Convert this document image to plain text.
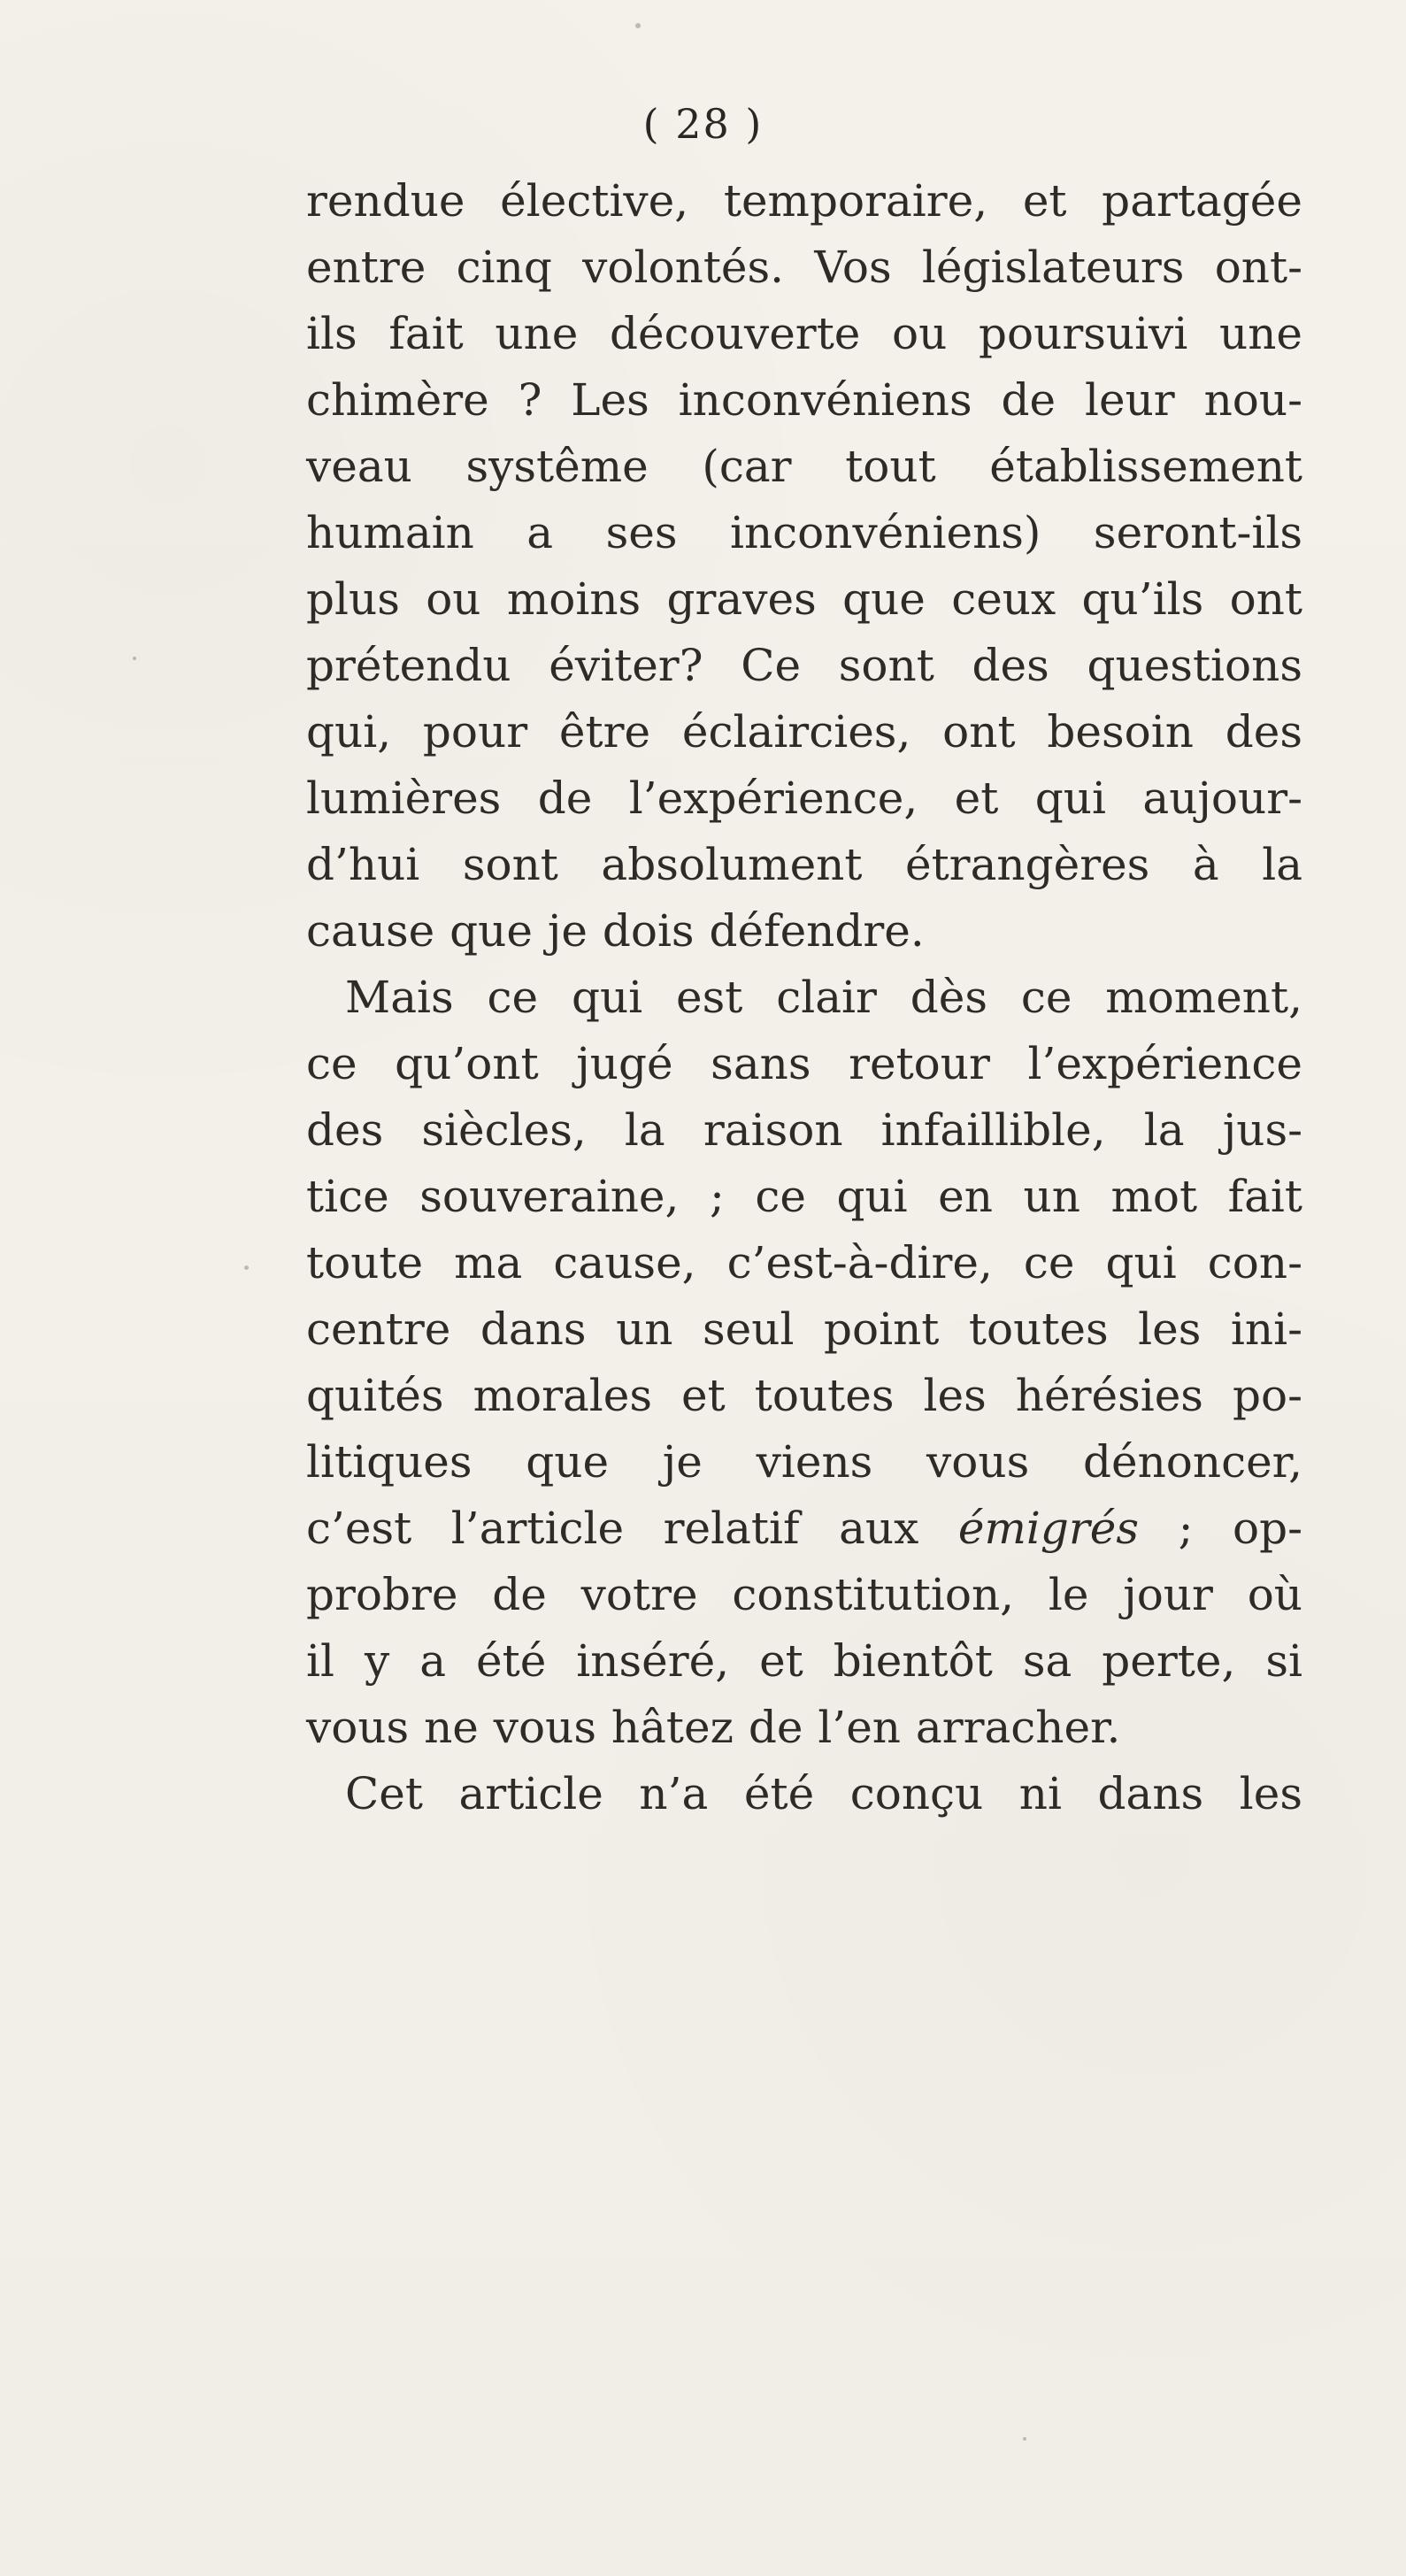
( 28 )
rendue élective, temporaire, et partagée
entre cinq volontés. Vos législateurs ont-
ils fait une découverte ou poursuivi une
chimère ? Les inconvéniens de leur nou-
veau systême (car tout établissement
humain a ses inconvéniens) seront-ils
plus ou moins graves que ceux qu’ils ont
prétendu éviter? Ce sont des questions
qui, pour être éclaircies, ont besoin des
lumières de l’expérience, et qui aujour-
d’hui sont absolument étrangères à la
cause que je dois défendre.
Mais ce qui est clair dès ce moment,
ce qu’ont jugé sans retour l’expérience
des siècles, la raison infaillible, la jus-
tice souveraine, ; ce qui en un mot fait
toute ma cause, c’est-à-dire, ce qui con-
centre dans un seul point toutes les ini-
quités morales et toutes les hérésies po-
litiques que je viens vous dénoncer,
c’est l’article relatif aux émigrés ; op-
probre de votre constitution, le jour où
il y a été inséré, et bientôt sa perte, si
vous ne vous hâtez de l’en arracher.
Cet article n’a été conçu ni dans les
